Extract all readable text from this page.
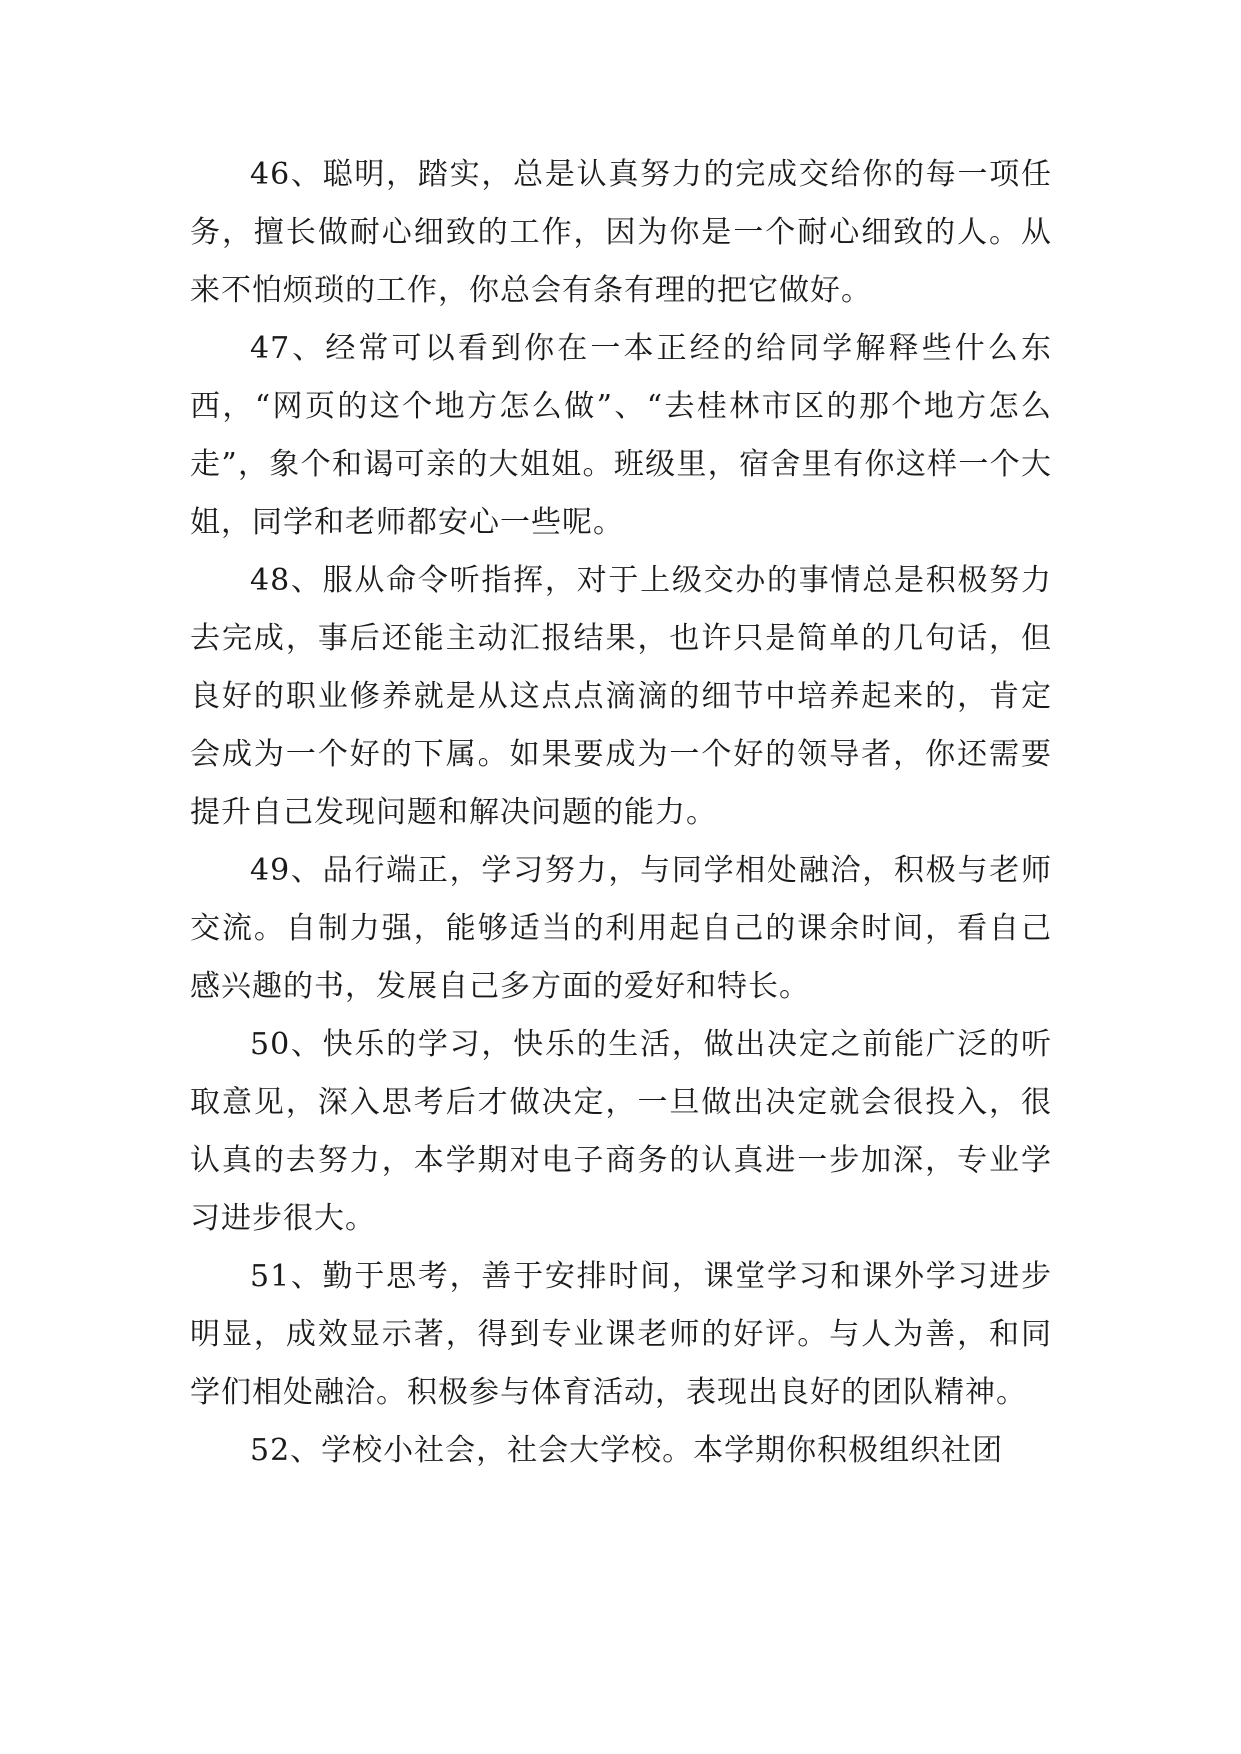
46、聪明，踏实，总是认真努力的完成交给你的每一项任务，擅长做耐心细致的工作，因为你是一个耐心细致的人。从来不怕烦琐的工作，你总会有条有理的把它做好。

47、经常可以看到你在一本正经的给同学解释些什么东西，“网页的这个地方怎么做”、“去桂林市区的那个地方怎么走”，象个和谒可亲的大姐姐。班级里，宿舍里有你这样一个大姐，同学和老师都安心一些呢。

48、服从命令听指挥，对于上级交办的事情总是积极努力去完成，事后还能主动汇报结果，也许只是简单的几句话，但良好的职业修养就是从这点点滴滴的细节中培养起来的，肯定会成为一个好的下属。如果要成为一个好的领导者，你还需要提升自己发现问题和解决问题的能力。

49、品行端正，学习努力，与同学相处融洽，积极与老师交流。自制力强，能够适当的利用起自己的课余时间，看自己感兴趣的书，发展自己多方面的爱好和特长。

50、快乐的学习，快乐的生活，做出决定之前能广泛的听取意见，深入思考后才做决定，一旦做出决定就会很投入，很认真的去努力，本学期对电子商务的认真进一步加深，专业学习进步很大。

51、勤于思考，善于安排时间，课堂学习和课外学习进步明显，成效显示著，得到专业课老师的好评。与人为善，和同学们相处融洽。积极参与体育活动，表现出良好的团队精神。

52、学校小社会，社会大学校。本学期你积极组织社团
